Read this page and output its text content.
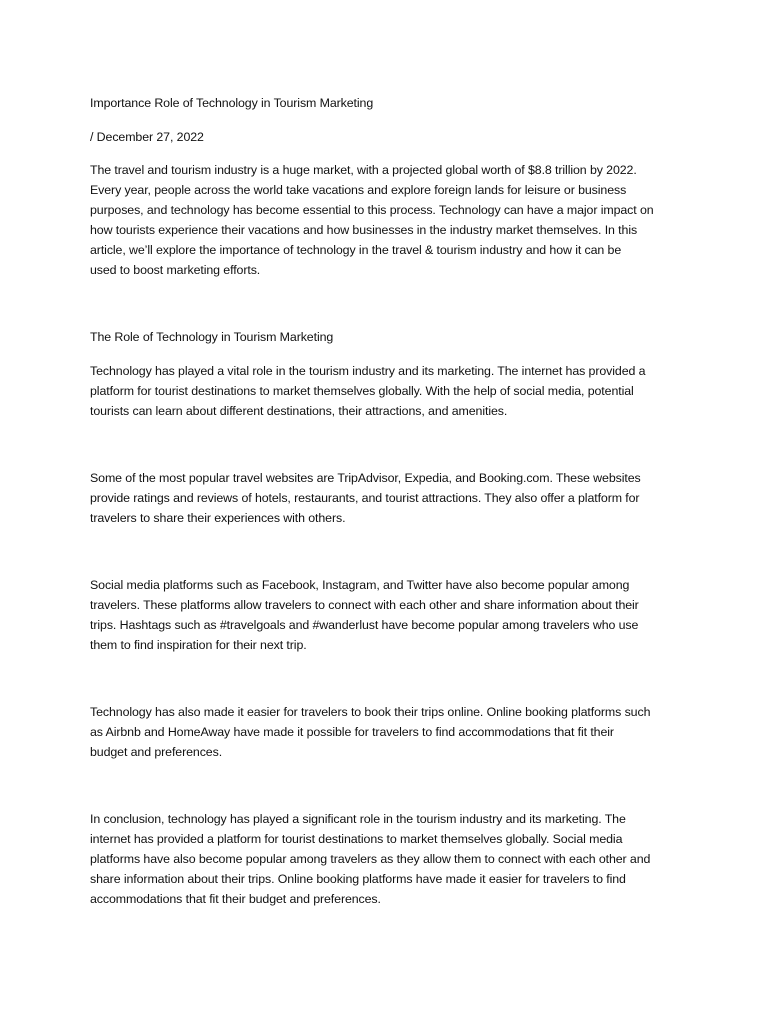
Importance Role of Technology in Tourism Marketing

/ December 27, 2022

The travel and tourism industry is a huge market, with a projected global worth of $8.8 trillion by 2022.
Every year, people across the world take vacations and explore foreign lands for leisure or business
purposes, and technology has become essential to this process. Technology can have a major impact on
how tourists experience their vacations and how businesses in the industry market themselves. In this
article, we’ll explore the importance of technology in the travel & tourism industry and how it can be
used to boost marketing efforts.

The Role of Technology in Tourism Marketing

Technology has played a vital role in the tourism industry and its marketing. The internet has provided a
platform for tourist destinations to market themselves globally. With the help of social media, potential
tourists can learn about different destinations, their attractions, and amenities.

Some of the most popular travel websites are TripAdvisor, Expedia, and Booking.com. These websites
provide ratings and reviews of hotels, restaurants, and tourist attractions. They also offer a platform for
travelers to share their experiences with others.

Social media platforms such as Facebook, Instagram, and Twitter have also become popular among
travelers. These platforms allow travelers to connect with each other and share information about their
trips. Hashtags such as #travelgoals and #wanderlust have become popular among travelers who use
them to find inspiration for their next trip.

Technology has also made it easier for travelers to book their trips online. Online booking platforms such
as Airbnb and HomeAway have made it possible for travelers to find accommodations that fit their
budget and preferences.

In conclusion, technology has played a significant role in the tourism industry and its marketing. The
internet has provided a platform for tourist destinations to market themselves globally. Social media
platforms have also become popular among travelers as they allow them to connect with each other and
share information about their trips. Online booking platforms have made it easier for travelers to find
accommodations that fit their budget and preferences.
